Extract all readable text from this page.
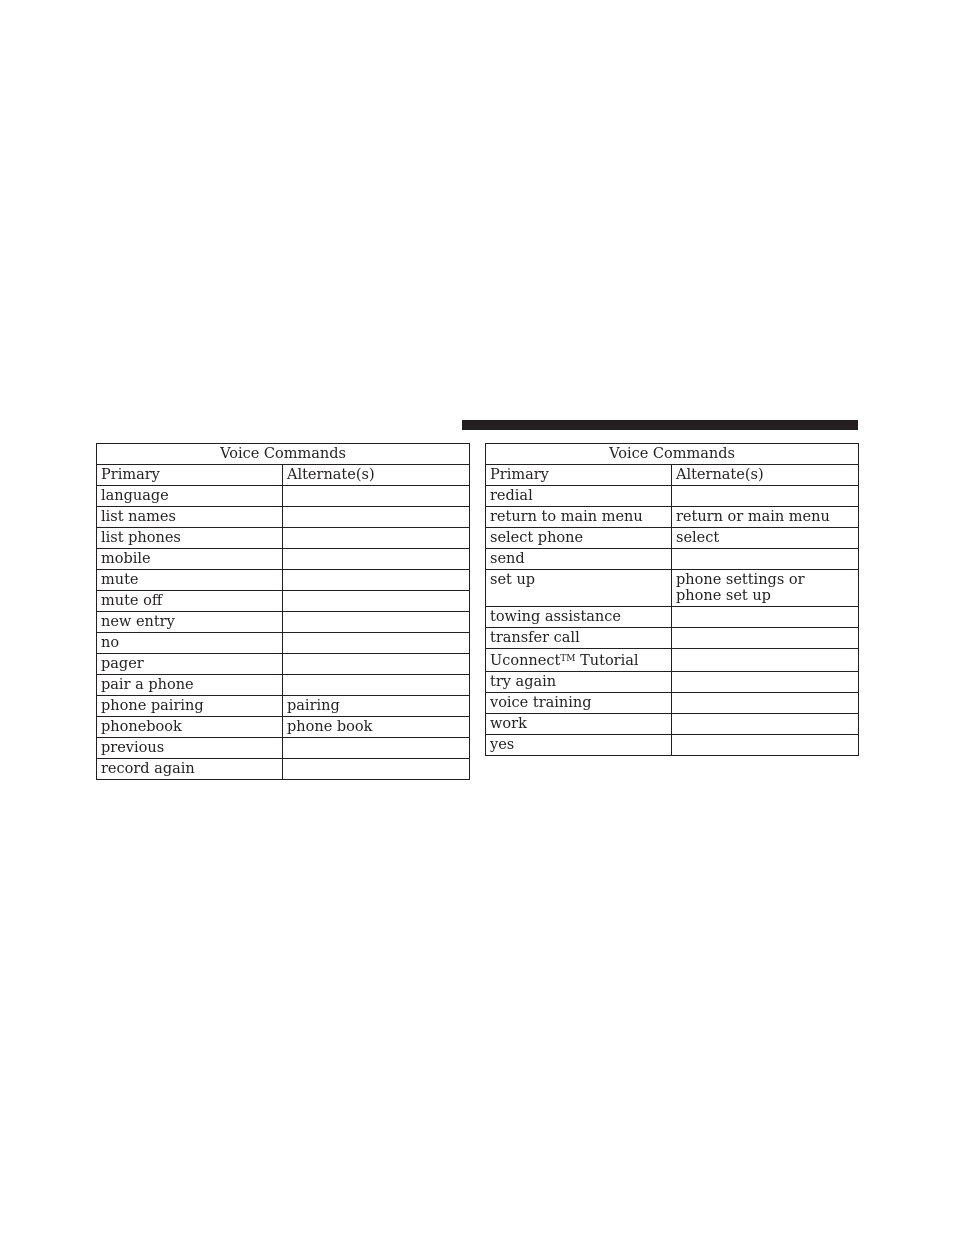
Voice Commands	
Primary	Alternate(s)
language	
list names	
list phones	
mobile	
mute	
mute off	
new entry	
no	
pager	
pair a phone	
phone pairing	pairing
phonebook	phone book
previous	
record again	
Voice Commands	
Primary	Alternate(s)
redial	
return to main menu	return or main menu
select phone	select
send	
set up	phone settings or phone set up
towing assistance	
transfer call	
Uconnect™ Tutorial	
try again	
voice training	
work	
yes	
